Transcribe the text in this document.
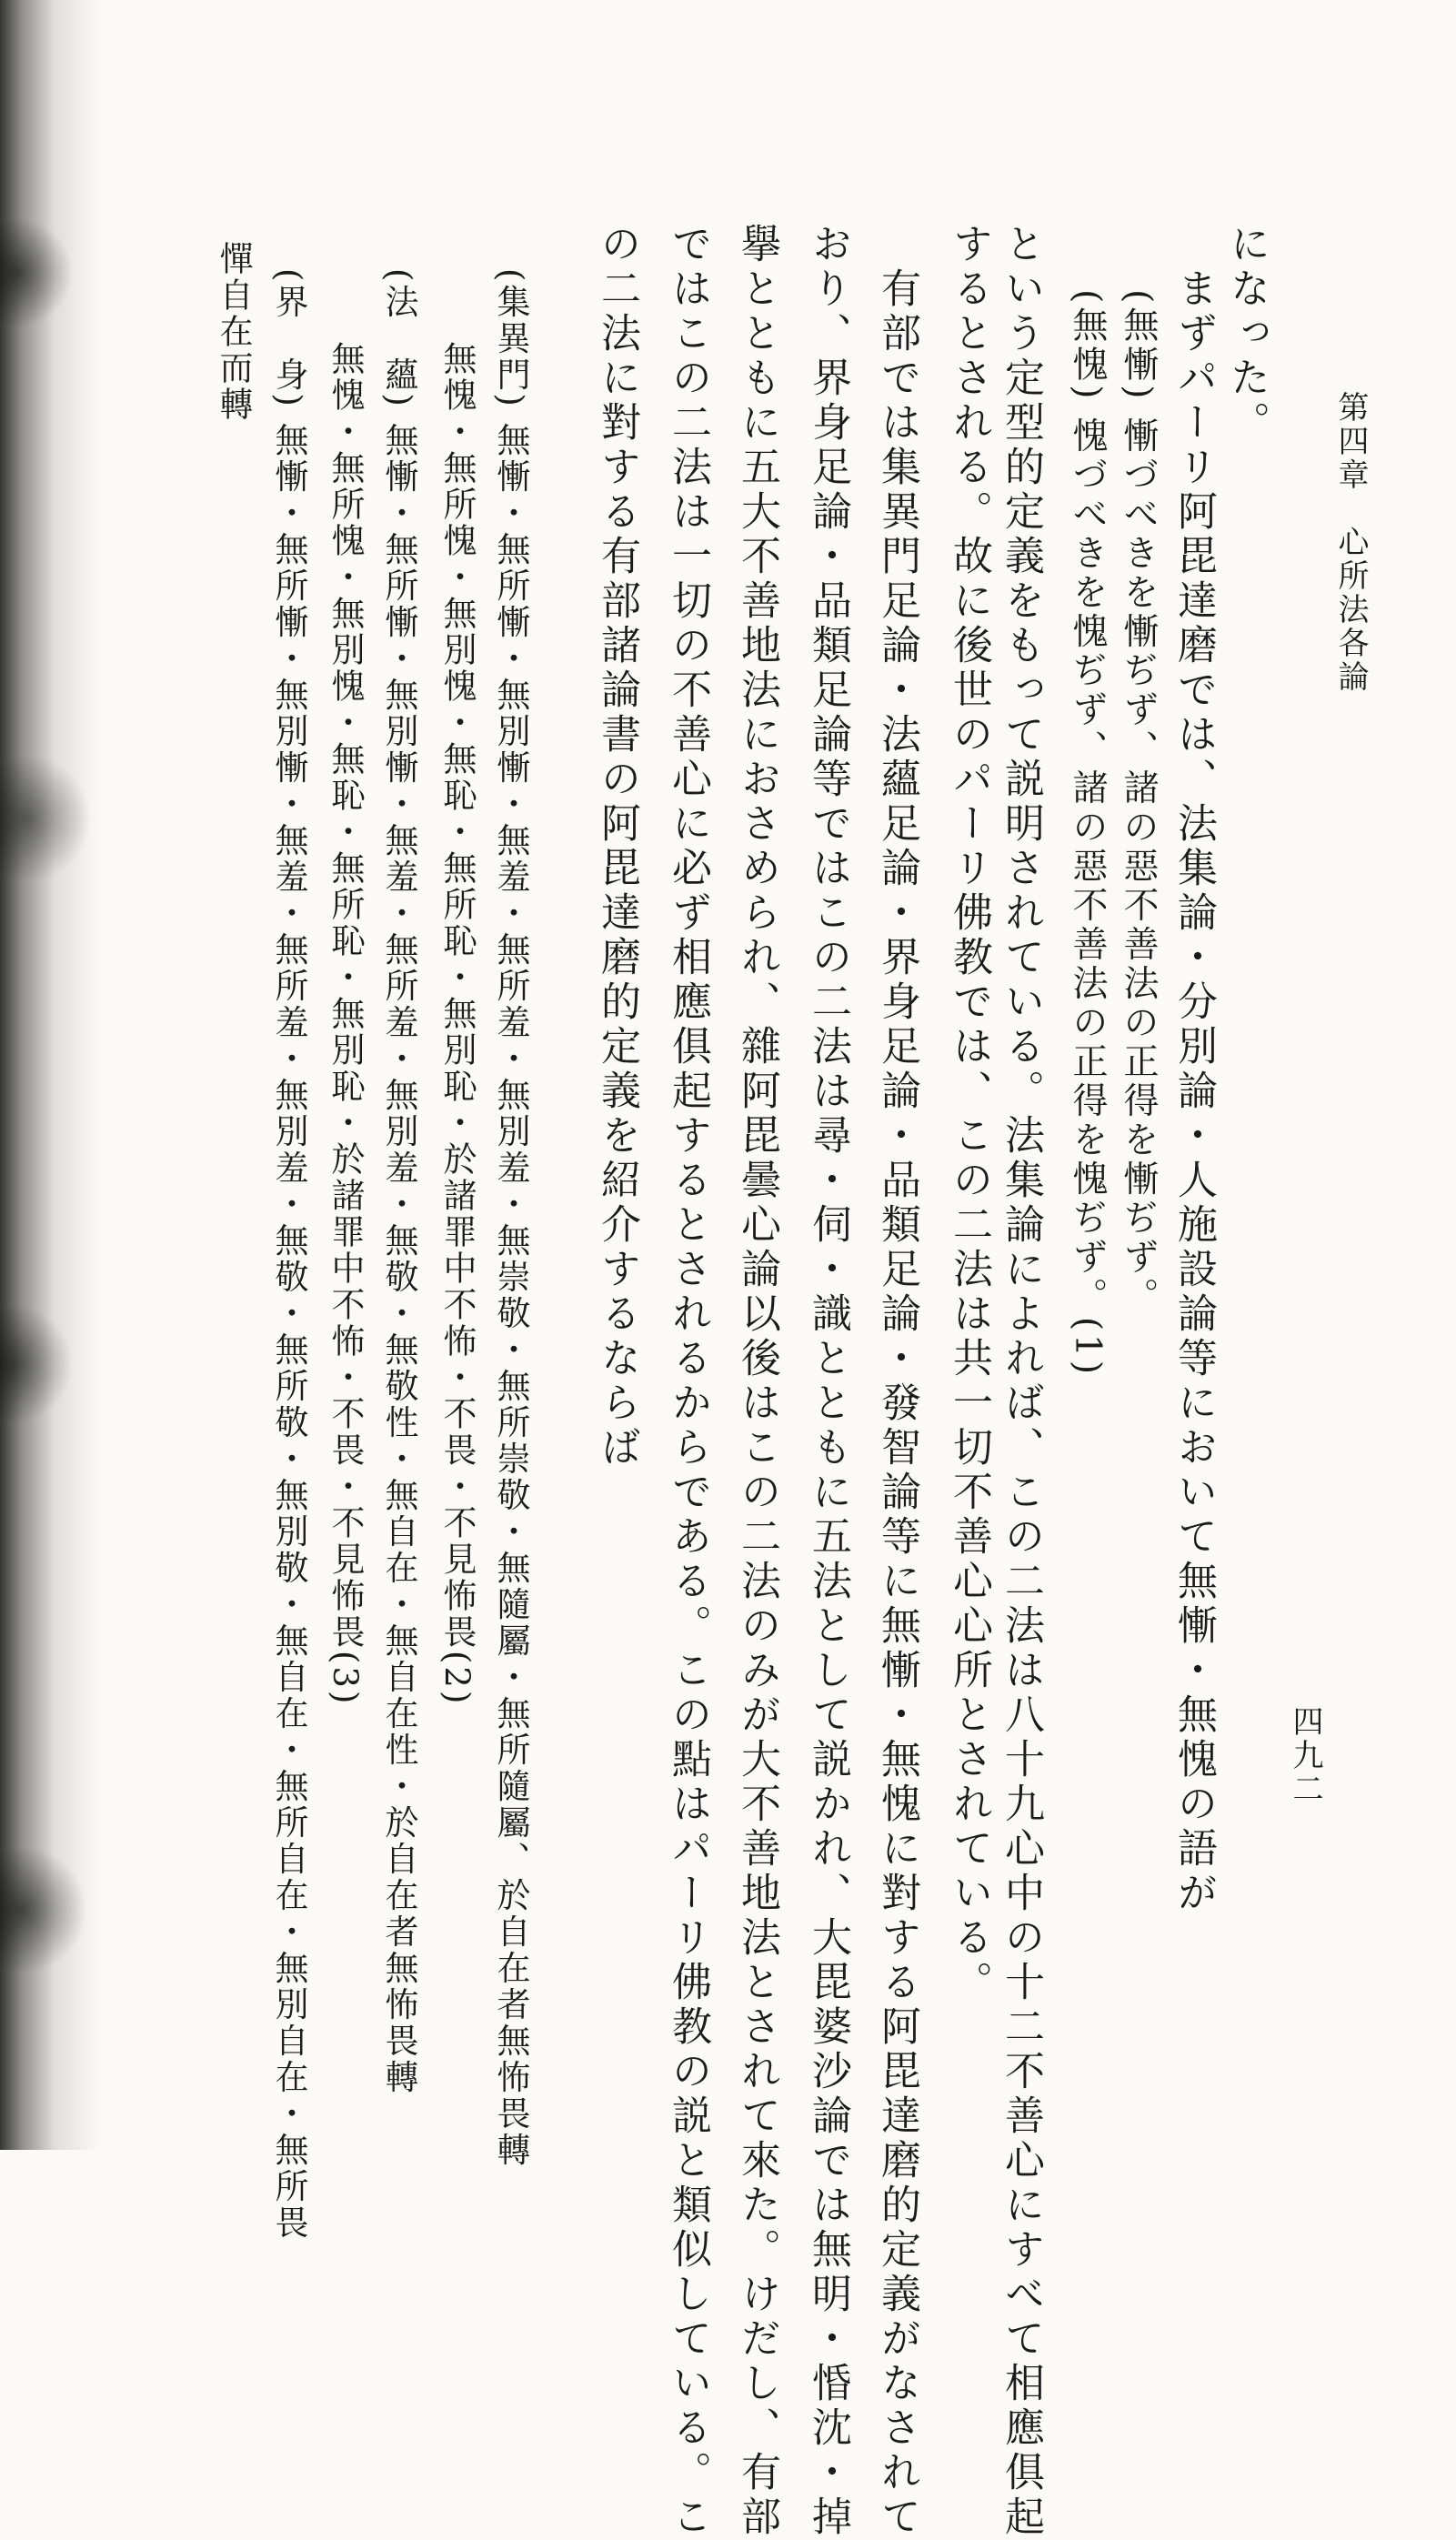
第四章　心所法各論
四九二
になった。
　まずパーリ阿毘達磨では、法集論・分別論・人施設論等において無慚・無愧の語が
　(無慚) 慚づべきを慚ぢず、諸の惡不善法の正得を慚ぢず。
　(無愧) 愧づべきを愧ぢず、諸の惡不善法の正得を愧ぢず。(1)
という定型的定義をもって説明されている。法集論によれば、この二法は八十九心中の十二不善心にすべて相應俱起
するとされる。故に後世のパーリ佛教では、この二法は共一切不善心心所とされている。
　有部では集異門足論・法蘊足論・界身足論・品類足論・發智論等に無慚・無愧に對する阿毘達磨的定義がなされて
おり、界身足論・品類足論等ではこの二法は尋・伺・識とともに五法として説かれ、大毘婆沙論では無明・惛沈・掉
擧とともに五大不善地法におさめられ、雜阿毘曇心論以後はこの二法のみが大不善地法とされて來た。けだし、有部
ではこの二法は一切の不善心に必ず相應俱起するとされるからである。この點はパーリ佛教の説と類似している。こ
の二法に對する有部諸論書の阿毘達磨的定義を紹介するならば
(集異門) 無慚・無所慚・無別慚・無羞・無所羞・無別羞・無崇敬・無所崇敬・無隨屬・無所隨屬、於自在者無怖畏轉
無愧・無所愧・無別愧・無恥・無所恥・無別恥・於諸罪中不怖・不畏・不見怖畏(2)
(法　蘊) 無慚・無所慚・無別慚・無羞・無所羞・無別羞・無敬・無敬性・無自在・無自在性・於自在者無怖畏轉
無愧・無所愧・無別愧・無恥・無所恥・無別恥・於諸罪中不怖・不畏・不見怖畏(3)
(界　身) 無慚・無所慚・無別慚・無羞・無所羞・無別羞・無敬・無所敬・無別敬・無自在・無所自在・無別自在・無所畏
憚自在而轉
